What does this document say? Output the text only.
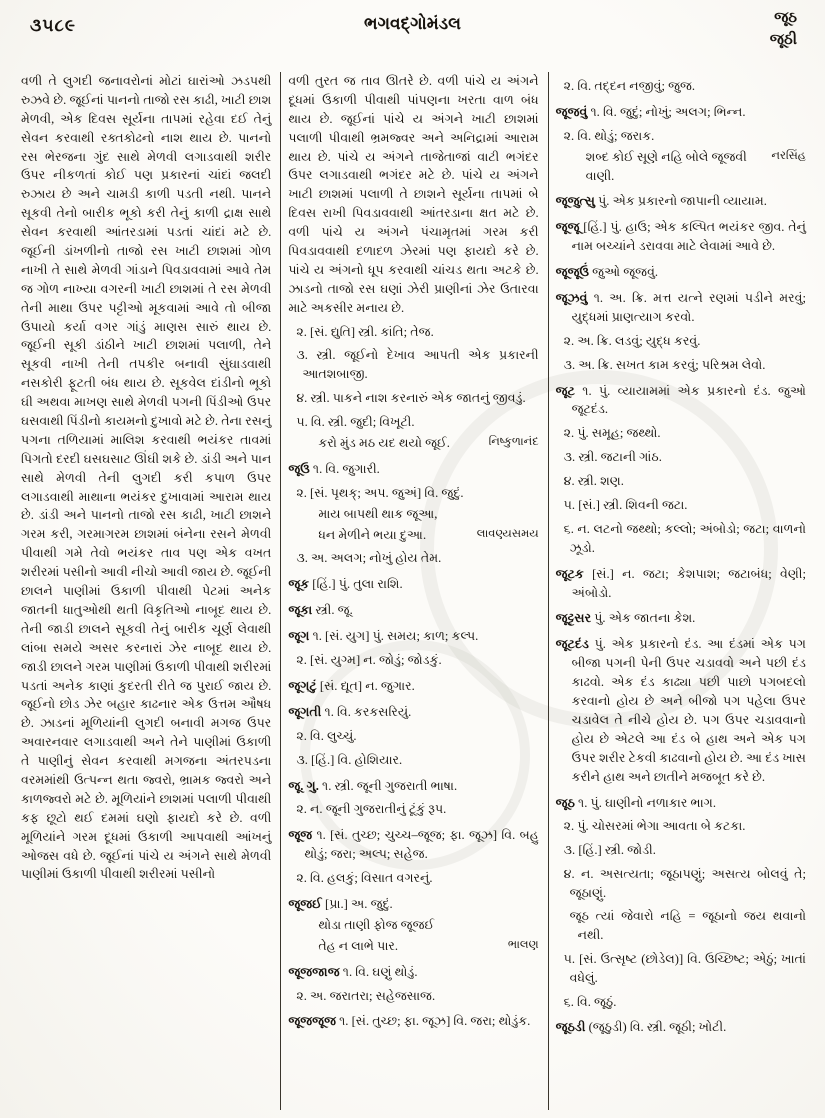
૩૫૮૯	ભગવદ્ગોમંડલ	જૂઠ
જૂઠી

વળી તે લુગદી જનાવરોનાં મોટાં ઘારાંઓ ઝડપથી રુઝવે છે. જૂઈનાં પાનનો તાજો રસ કાઢી, ખાટી છાશ મેળવી, એક દિવસ સૂર્યના તાપમાં રહેવા દઈ તેનું સેવન કરવાથી રક્તકોઢનો નાશ થાય છે. પાનનો રસ ભેરજના ગુંદ સાથે મેળવી લગાડવાથી શરીર ઉપર નીકળતાં કોઈ પણ પ્રકારનાં ચાંદાં જલદી રુઝાય છે અને ચામડી કાળી પડતી નથી. પાનને સૂકવી તેનો બારીક ભૂકો કરી તેનું કાળી દ્રાક્ષ સાથે સેવન કરવાથી આંતરડામાં પડતાં ચાંદાં મટે છે. જૂઈની ડાંખળીનો તાજો રસ ખાટી છાશમાં ગોળ નાખી તે સાથે મેળવી ગાંડાને પિવડાવવામાં આવે તેમ જ ગોળ નાખ્યા વગરની ખાટી છાશમાં તે રસ મેળવી તેની માથા ઉપર પટ્ટીઓ મૂકવામાં આવે તો બીજા ઉપાયો કર્યા વગર ગાંડું માણસ સારું થાય છે. જૂઈની સૂકી ડાંઠીને ખાટી છાશમાં પલાળી, તેને સૂકવી નાખી તેની તપકીર બનાવી સુંઘાડવાથી નસકોરી ફૂટતી બંધ થાય છે. સૂકવેલ દાંડીનો ભૂકો ઘી અથવા માખણ સાથે મેળવી પગની પિંડીઓ ઉપર ઘસવાથી પિંડીનો કાયમનો દુખાવો મટે છે. તેના રસનું પગના તળિયામાં માલિશ કરવાથી ભયંકર તાવમાં પિગતો દરદી ઘસઘસાટ ઊંઘી શકે છે. ડાંડી અને પાન સાથે મેળવી તેની લુગદી કરી કપાળ ઉપર લગાડવાથી માથાના ભયંકર દુખાવામાં આરામ થાય છે. ડાંડી અને પાનનો તાજો રસ કાઢી, ખાટી છાશને ગરમ કરી, ગરમાગરમ છાશમાં બંનેના રસને મેળવી પીવાથી ગમે તેવો ભયંકર તાવ પણ એક વખત શરીરમાં પસીનો આવી નીચો આવી જાય છે. જૂઈની છાલને પાણીમાં ઉકાળી પીવાથી પેટમાં અનેક જાતની ધાતુઓથી થતી વિકૃતિઓ નાબૂદ થાય છે. તેની જાડી છાલને સૂકવી તેનું બારીક ચૂર્ણ લેવાથી લાંબા સમયે અસર કરનારાં ઝેર નાબૂદ થાય છે. જાડી છાલને ગરમ પાણીમાં ઉકાળી પીવાથી શરીરમાં પડતાં અનેક કાણાં કુદરતી રીતે જ પુરાઈ જાય છે. જૂઈનો છોડ ઝેર બહાર કાઢનાર એક ઉત્તમ ઔષધ છે. ઝાડનાં મૂળિયાંની લુગદી બનાવી મગજ ઉપર અવારનવાર લગાડવાથી અને તેને પાણીમાં ઉકાળી તે પાણીનું સેવન કરવાથી મગજના અંતરપડના વરમમાંથી ઉત્પન્ન થતા જ્વરો, ભ્રામક જ્વરો અને કાળજ્વરો મટે છે. મૂળિયાંને છાશમાં પલાળી પીવાથી કફ છૂટો થઈ દમમાં ઘણો ફાયદો કરે છે. વળી મૂળિયાંને ગરમ દૂધમાં ઉકાળી આપવાથી આંખનું ઓજસ વધે છે. જૂઈનાં પાંચે ય અંગને સાથે મેળવી પાણીમાં ઉકાળી પીવાથી શરીરમાં પસીનો

વળી તુરત જ તાવ ઊતરે છે. વળી પાંચે ય અંગને દૂધમાં ઉકાળી પીવાથી પાંપણના ખરતા વાળ બંધ થાય છે. જૂઈનાં પાંચે ય અંગને ખાટી છાશમાં પલાળી પીવાથી ભ્રમજ્વર અને અનિદ્રામાં આરામ થાય છે. પાંચે ય અંગને તાજેતાજાં વાટી ભગંદર ઉપર લગાડવાથી ભગંદર મટે છે. પાંચે ય અંગને ખાટી છાશમાં પલાળી તે છાશને સૂર્યના તાપમાં બે દિવસ રાખી પિવડાવવાથી આંતરડાના ક્ષત મટે છે. વળી પાંચે ય અંગને પંચામૃતમાં ગરમ કરી પિવડાવવાથી દળાદળ ઝેરમાં પણ ફાયદો કરે છે. પાંચે ય અંગનો ધૂપ કરવાથી ચાંચડ થતા અટકે છે. ઝાડનો તાજો રસ ઘણાં ઝેરી પ્રાણીનાં ઝેર ઉતારવા માટે અકસીર મનાય છે.

૨. [સં. દ્યુતિ] સ્ત્રી. કાંતિ; તેજ.

૩. સ્ત્રી. જૂઈનો દેખાવ આપતી એક પ્રકારની આતશબાજી.

૪. સ્ત્રી. પાકને નાશ કરનારું એક જાતનું જીવડું.

૫. વિ. સ્ત્રી. જુદી; વિખૂટી.

નિષ્કુળાનંદ
કરો મુંડ મઠ યદ થયો જૂઈ.

જૂઉ ૧. વિ. જુગારી.

૨. [સં. પૃથક્; અપ. જુઅં] વિ. જુદું.

માય બાપથી થાક જૂઆ,

લાવણ્યસમય
ધન મેળીને ભયા દુઆ.

૩. અ. અલગ; નોખું હોય તેમ.

જૂક [હિં.] પું. તુલા રાશિ.

જૂકા સ્ત્રી. જૂ.

જૂગ ૧. [સં. યુગ] પું. સમય; કાળ; કલ્પ.

૨. [સં. યુગ્મ] ન. જોડું; જોડકું.

જૂગટું [સં. દ્યૂત] ન. જુગાર.

જૂગતી ૧. વિ. કરકસરિયું.

૨. વિ. લુચ્ચું.

૩. [હિં.] વિ. હોશિયાર.

જૂ. ગુ. ૧. સ્ત્રી. જૂની ગુજરાતી ભાષા.

૨. ન. જૂની ગુજરાતીનું ટૂંકું રૂપ.

જૂજ ૧. [સં. તુચ્છ; ચુચ્ચ–જૂજ; ફા. જૂઝ] વિ. બહુ થોડું; જરા; અલ્પ; સહેજ.

૨. વિ. હલકું; વિસાત વગરનું.

જૂજઈ [પ્રા.] અ. જુદું.

થોડા તાણી ફોજ જૂજઈ

ભાલણ
તેહ ન લાભે પાર.

જૂજજાજ ૧. વિ. ઘણું થોડું.

૨. અ. જરાતરા; સહેજસાજ.

જૂજજૂજ ૧. [સં. તુચ્છ; ફા. જૂઝ] વિ. જરા; થોડુંક.

૨. વિ. તદ્દન નજીવું; જુજ.

જૂજવું ૧. વિ. જુદું; નોખું; અલગ; ભિન્ન.

૨. વિ. થોડું; જરાક.

નરસિંહ
શબ્દ કોઈ સૂણે નહિ બોલે જૂજવી વાણી.

જૂજુત્સુ પું. એક પ્રકારનો જાપાની વ્યાયામ.

જૂજૂ [હિં.] પું. હાઉ; એક કલ્પિત ભયંકર જીવ. તેનું નામ બચ્ચાંને ડરાવવા માટે લેવામાં આવે છે.

જૂજૂઉં જુઓ જૂજવું.

જૂઝવું ૧. અ. ક્રિ. મત્ત યત્ને રણમાં પડીને મરવું; યુદ્ધમાં પ્રાણત્યાગ કરવો.

૨. અ. ક્રિ. લડવું; યુદ્ધ કરવું.

૩. અ. ક્રિ. સખત કામ કરવું; પરિશ્રમ લેવો.

જૂટ ૧. પું. વ્યાયામમાં એક પ્રકારનો દંડ. જુઓ જૂટદંડ.

૨. પું. સમૂહ; જથ્થો.

૩. સ્ત્રી. જટાની ગાંઠ.

૪. સ્ત્રી. શણ.

૫. [સં.] સ્ત્રી. શિવની જટા.

૬. ન. લટનો જથ્થો; કલ્લો; અંબોડો; જટા; વાળનો ઝૂડો.

જૂટક [સં.] ન. જટા; કેશપાશ; જટાબંધ; વેણી; અંબોડો.

જૂટ્ટસર પું. એક જાતના કેશ.

જૂટદંડ પું. એક પ્રકારનો દંડ. આ દંડમાં એક પગ બીજા પગની પેની ઉપર ચડાવવો અને પછી દંડ કાઢવો. એક દંડ કાઢ્યા પછી પાછો પગબદલો કરવાનો હોય છે અને બીજો પગ પહેલા ઉપર ચડાવેલ તે નીચે હોય છે. પગ ઉપર ચડાવવાનો હોય છે એટલે આ દંડ બે હાથ અને એક પગ ઉપર શરીર ટેકવી કાઢવાનો હોય છે. આ દંડ ખાસ કરીને હાથ અને છાતીને મજબૂત કરે છે.

જૂઠ ૧. પું. ઘાણીનો નળાકાર ભાગ.

૨. પું. ચોસરમાં ભેગા આવતા બે કટકા.

૩. [હિં.] સ્ત્રી. જોડી.

૪. ન. અસત્યતા; જૂઠાપણું; અસત્ય બોલવું તે; જૂઠાણું.

જૂઠ ત્યાં જેવારો નહિ = જૂઠાનો જય થવાનો નથી.

૫. [સં. ઉત્સૃષ્ટ (છોડેલ)] વિ. ઉચ્છિષ્ટ; એઠું; ખાતાં વધેલું.

૬. વિ. જૂઠું.

જૂઠડી (જૂઠુડી) વિ. સ્ત્રી. જૂઠી; ખોટી.
